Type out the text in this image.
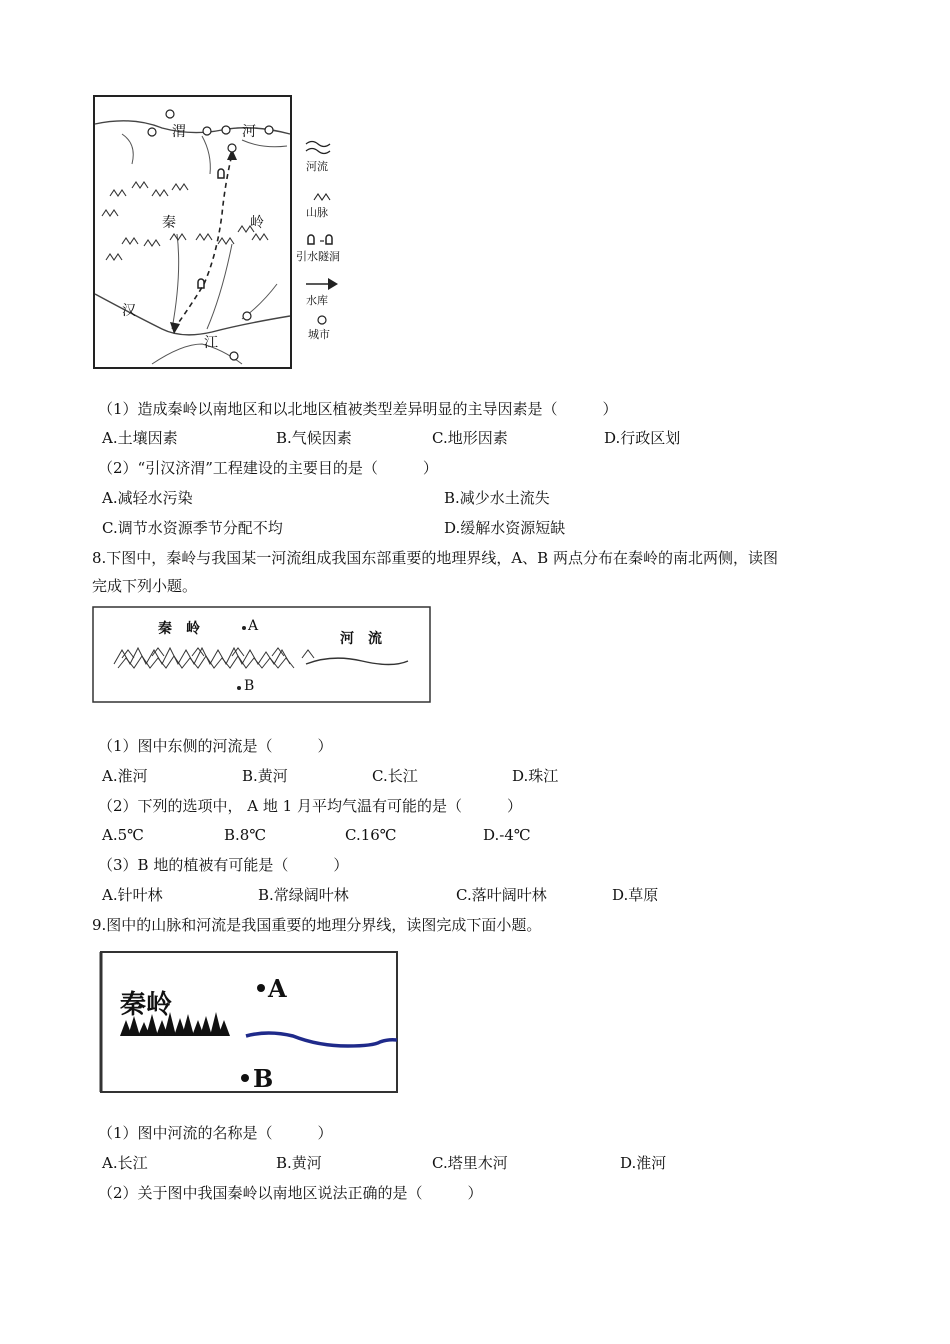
渭	河
秦	岭
汉
江
河流
山脉
引水隧洞
水库
城市
（1）造成秦岭以南地区和以北地区植被类型差异明显的主导因素是（　　　）
A.土壤因素	B.气候因素	C.地形因素	D.行政区划
（2）“引汉济渭”工程建设的主要目的是（　　　）
A.减轻水污染	B.减少水土流失
C.调节水资源季节分配不均	D.缓解水资源短缺
8.下图中，秦岭与我国某一河流组成我国东部重要的地理界线，A、B 两点分布在秦岭的南北两侧，读图
完成下列小题。
秦　岭	A
B
河　流
（1）图中东侧的河流是（　　　）
A.淮河	B.黄河	C.长江	D.珠江
（2）下列的选项中， A 地 1 月平均气温有可能的是（　　　）
A.5℃	B.8℃	C.16℃	D.-4℃
（3）B 地的植被有可能是（　　　）
A.针叶林	B.常绿阔叶林	C.落叶阔叶林	D.草原
9.图中的山脉和河流是我国重要的地理分界线，读图完成下面小题。
秦岭
A
B
（1）图中河流的名称是（　　　）
A.长江	B.黄河	C.塔里木河	D.淮河
（2）关于图中我国秦岭以南地区说法正确的是（　　　）
